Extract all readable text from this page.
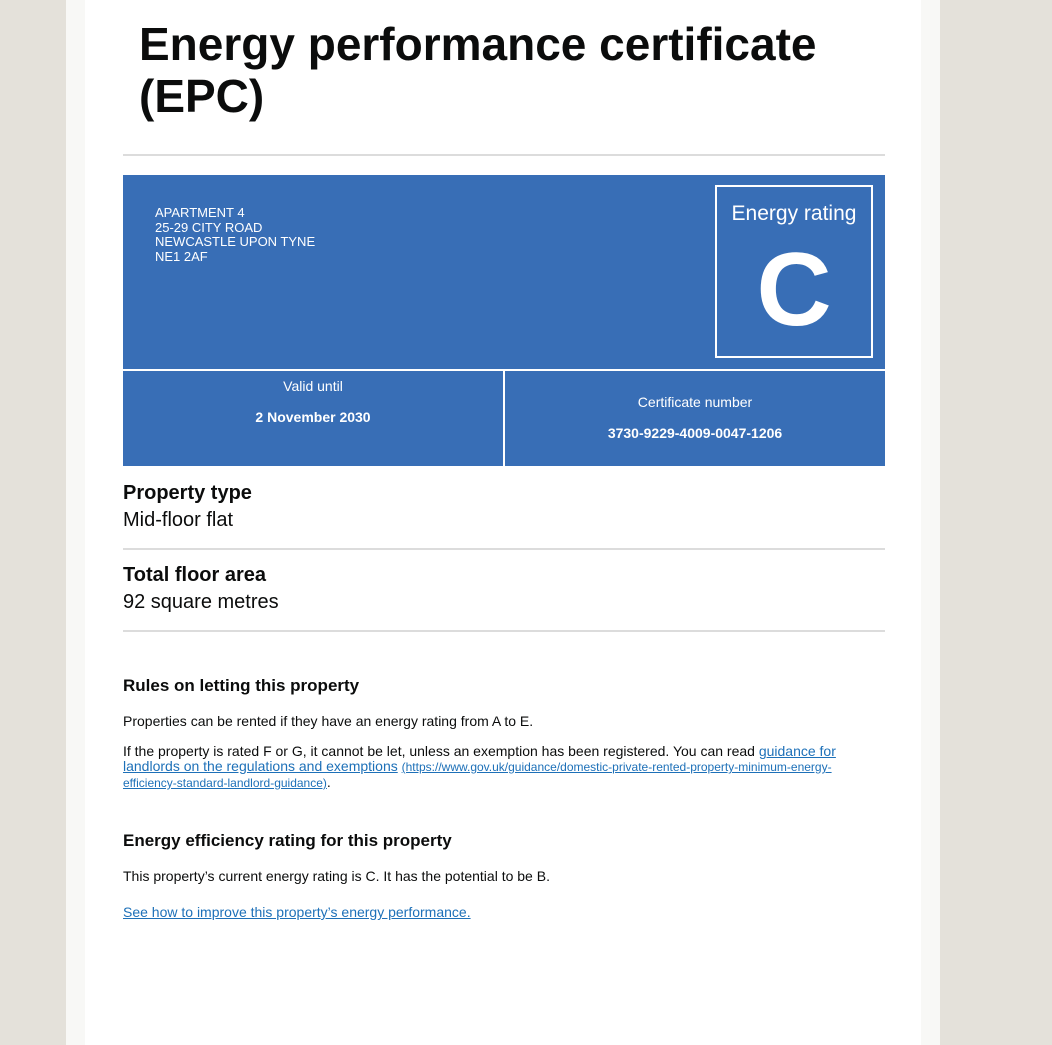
Energy performance certificate (EPC)
APARTMENT 4
25-29 CITY ROAD
NEWCASTLE UPON TYNE
NE1 2AF
Energy rating
C
Valid until
2 November 2030
Certificate number
3730-9229-4009-0047-1206
Property type
Mid-floor flat
Total floor area
92 square metres
Rules on letting this property
Properties can be rented if they have an energy rating from A to E.
If the property is rated F or G, it cannot be let, unless an exemption has been registered. You can read guidance for landlords on the regulations and exemptions (https://www.gov.uk/guidance/domestic-private-rented-property-minimum-energy-efficiency-standard-landlord-guidance).
Energy efficiency rating for this property
This property’s current energy rating is C. It has the potential to be B.
See how to improve this property’s energy performance.
